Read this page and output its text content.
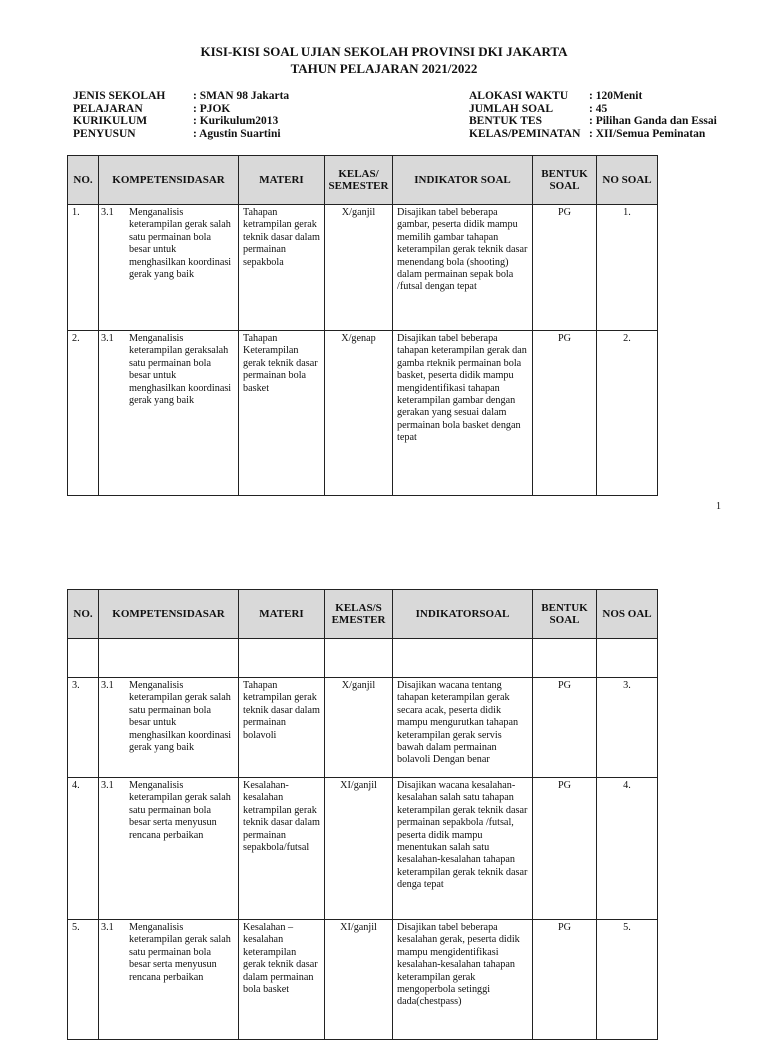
KISI-KISI SOAL UJIAN SEKOLAH PROVINSI DKI JAKARTA
TAHUN PELAJARAN 2021/2022
JENIS SEKOLAH	: SMAN 98 Jakarta
PELAJARAN	: PJOK
KURIKULUM	: Kurikulum2013
PENYUSUN	: Agustin Suartini
ALOKASI WAKTU	: 120Menit
JUMLAH SOAL	: 45
BENTUK TES	: Pilihan Ganda dan Essai
KELAS/PEMINATAN : XII/Semua Peminatan
NO.	KOMPETENSIDASAR	MATERI	KELAS/ SEMESTER	INDIKATOR SOAL	BENTUK SOAL	NO SOAL
1.	3.1 Menganalisis keterampilan gerak salah satu permainan bola besar untuk menghasilkan koordinasi gerak yang baik	Tahapan ketrampilan gerak teknik dasar dalam permainan sepakbola	X/ganjil	Disajikan tabel beberapa gambar, peserta didik mampu memilih gambar tahapan keterampilan gerak teknik dasar menendang bola (shooting) dalam permainan sepak bola /futsal dengan tepat	PG	1.
2.	3.1 Menganalisis keterampilan geraksalah satu permainan bola besar untuk menghasilkan koordinasi gerak yang baik	Tahapan Keterampilan gerak teknik dasar permainan bola basket	X/genap	Disajikan tabel beberapa tahapan keterampilan gerak dan gamba rteknik permainan bola basket, peserta didik mampu mengidentifikasi tahapan keterampilan gambar dengan gerakan yang sesuai dalam permainan bola basket dengan tepat	PG	2.
1
NO.	KOMPETENSIDASAR	MATERI	KELAS/S EMESTER	INDIKATORSOAL	BENTUK SOAL	NOS OAL

3.	3.1 Menganalisis keterampilan gerak salah satu permainan bola besar untuk menghasilkan koordinasi gerak yang baik	Tahapan ketrampilan gerak teknik dasar dalam permainan bolavoli	X/ganjil	Disajikan wacana tentang tahapan keterampilan gerak secara acak, peserta didik mampu mengurutkan tahapan keterampilan gerak servis bawah dalam permainan bolavoli Dengan benar	PG	3.
4.	3.1 Menganalisis keterampilan gerak salah satu permainan bola besar serta menyusun rencana perbaikan	Kesalahan-kesalahan ketrampilan gerak teknik dasar dalam permainan sepakbola/futsal	XI/ganjil	Disajikan wacana kesalahan-kesalahan salah satu tahapan keterampilan gerak teknik dasar permainan sepakbola /futsal, peserta didik mampu menentukan salah satu kesalahan-kesalahan tahapan keterampilan gerak teknik dasar denga tepat	PG	4.
5.	3.1 Menganalisis keterampilan gerak salah satu permainan bola besar serta menyusun rencana perbaikan	Kesalahan – kesalahan keterampilan gerak teknik dasar dalam permainan bola basket	XI/ganjil	Disajikan tabel beberapa kesalahan gerak, peserta didik mampu mengidentifikasi kesalahan-kesalahan tahapan keterampilan gerak mengoperbola setinggi dada(chestpass)	PG	5.
